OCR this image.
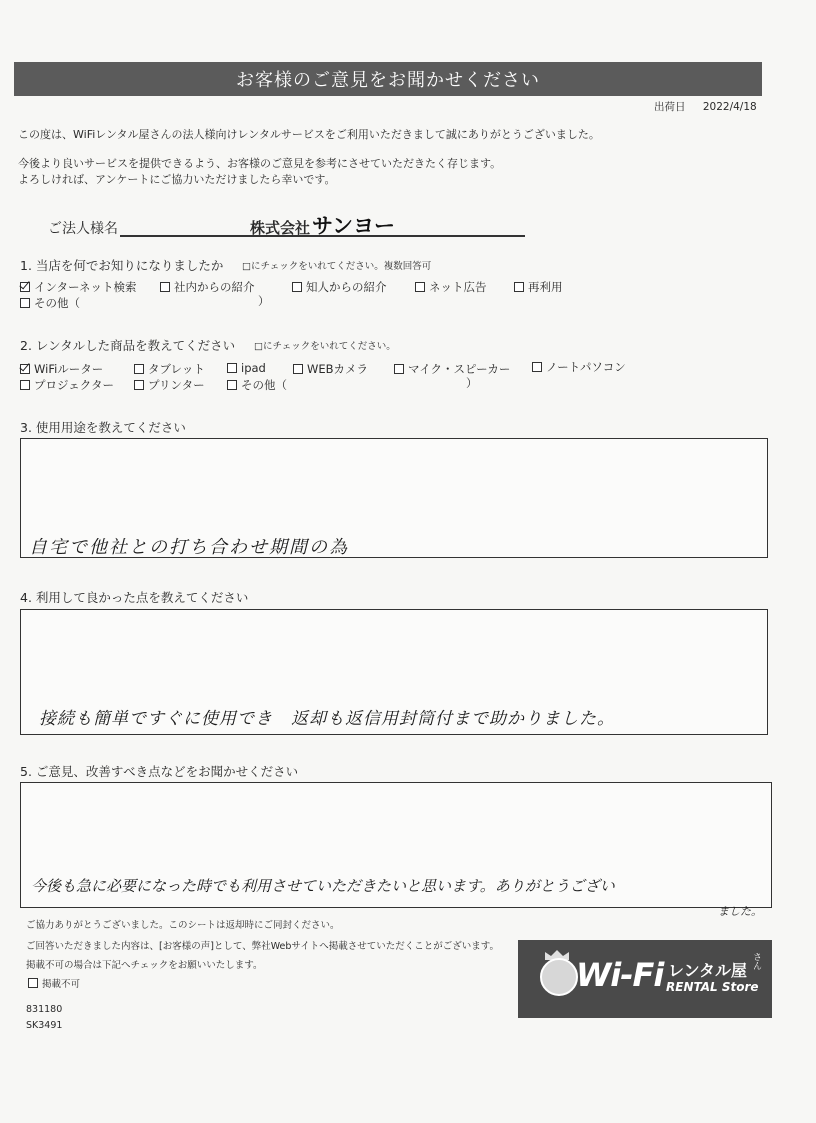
お客様のご意見をお聞かせください
出荷日 2022/4/18
この度は、WiFiレンタル屋さんの法人様向けレンタルサービスをご利用いただきまして誠にありがとうございました。
今後より良いサービスを提供できるよう、お客様のご意見を参考にさせていただきたく存じます。
よろしければ、アンケートにご協力いただけましたら幸いです。
ご法人様名	株式会社サンヨー
1. 当店を何でお知りになりましたか □にチェックをいれてください。複数回答可
インターネット検索	社内からの紹介	知人からの紹介	ネット広告	再利用
その他（	）
2. レンタルした商品を教えてください □にチェックをいれてください。
WiFiルーター	タブレット	ipad	WEBカメラ	マイク・スピーカー	ノートパソコン
プロジェクター	プリンター	その他（	）
3. 使用用途を教えてください
自宅で他社との打ち合わせ期間の為
4. 利用して良かった点を教えてください
接続も簡単ですぐに使用でき　返却も返信用封筒付まで助かりました。
5. ご意見、改善すべき点などをお聞かせください
今後も急に必要になった時でも利用させていただきたいと思います。ありがとうござい
ました。
ご協力ありがとうございました。このシートは返却時にご同封ください。
ご回答いただきました内容は、[お客様の声]として、弊社Webサイトへ掲載させていただくことがございます。
掲載不可の場合は下記へチェックをお願いいたします。
掲載不可
831180
SK3491
Wi-Fi レンタル屋 さん
RENTAL Store
